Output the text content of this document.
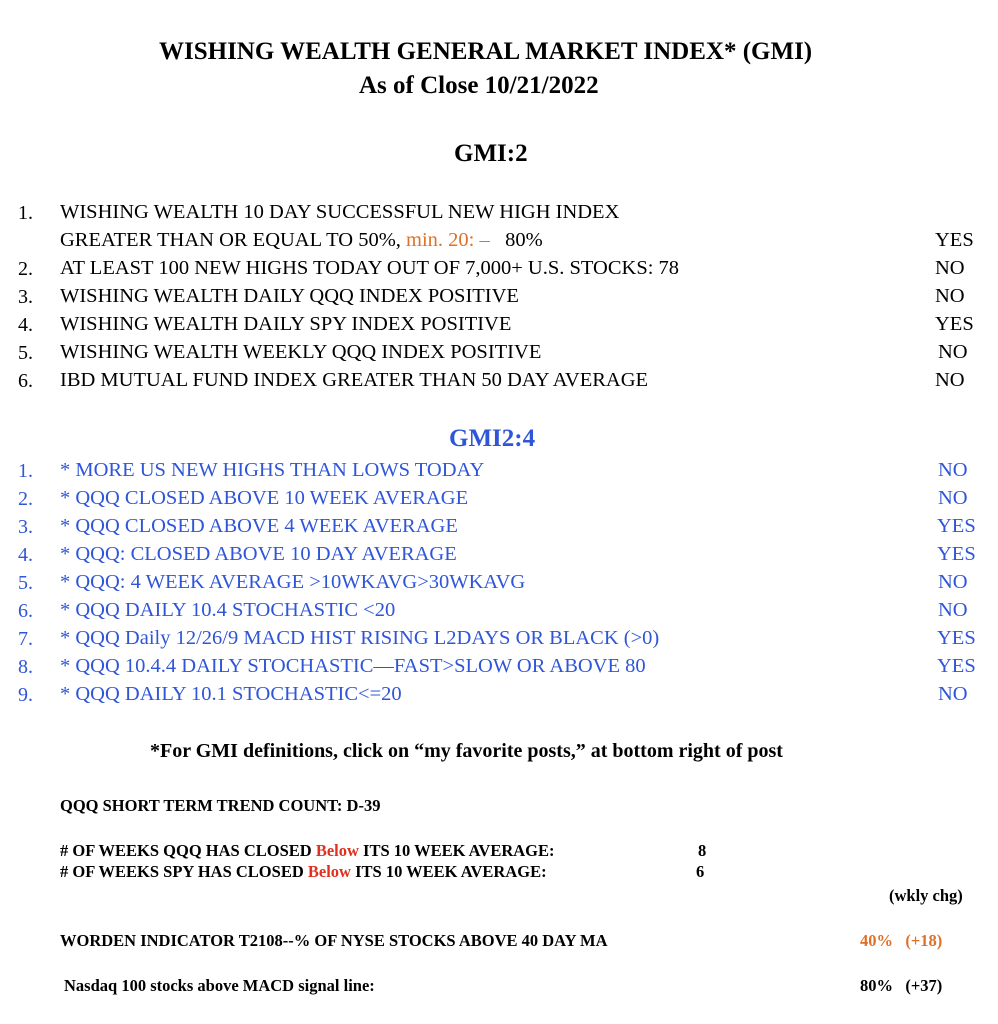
WISHING WEALTH GENERAL MARKET INDEX* (GMI)
As of Close 10/21/2022
GMI:2
1. WISHING WEALTH 10 DAY SUCCESSFUL NEW HIGH INDEX
GREATER THAN OR EQUAL TO 50%, min. 20: – 80%	YES
2. AT LEAST 100 NEW HIGHS TODAY OUT OF 7,000+ U.S. STOCKS: 78	NO
3. WISHING WEALTH DAILY QQQ INDEX POSITIVE	NO
4. WISHING WEALTH DAILY SPY INDEX POSITIVE	YES
5. WISHING WEALTH WEEKLY QQQ INDEX POSITIVE	NO
6. IBD MUTUAL FUND INDEX GREATER THAN 50 DAY AVERAGE	NO
GMI2:4
1. * MORE US NEW HIGHS THAN LOWS TODAY	NO
2. * QQQ CLOSED ABOVE 10 WEEK AVERAGE	NO
3. * QQQ CLOSED ABOVE 4 WEEK AVERAGE	YES
4. * QQQ: CLOSED ABOVE 10 DAY AVERAGE	YES
5. * QQQ: 4 WEEK AVERAGE >10WKAVG>30WKAVG	NO
6. * QQQ DAILY 10.4 STOCHASTIC <20	NO
7. * QQQ Daily 12/26/9 MACD HIST RISING L2DAYS OR BLACK (>0)	YES
8. * QQQ 10.4.4 DAILY STOCHASTIC—FAST>SLOW OR ABOVE 80	YES
9. * QQQ DAILY 10.1 STOCHASTIC<=20	NO
*For GMI definitions, click on “my favorite posts,” at bottom right of post
QQQ SHORT TERM TREND COUNT: D-39
# OF WEEKS QQQ HAS CLOSED Below ITS 10 WEEK AVERAGE:	8
# OF WEEKS SPY HAS CLOSED Below ITS 10 WEEK AVERAGE:	6
(wkly chg)
WORDEN INDICATOR T2108--% OF NYSE STOCKS ABOVE 40 DAY MA	40% (+18)
Nasdaq 100 stocks above MACD signal line:	80% (+37)
